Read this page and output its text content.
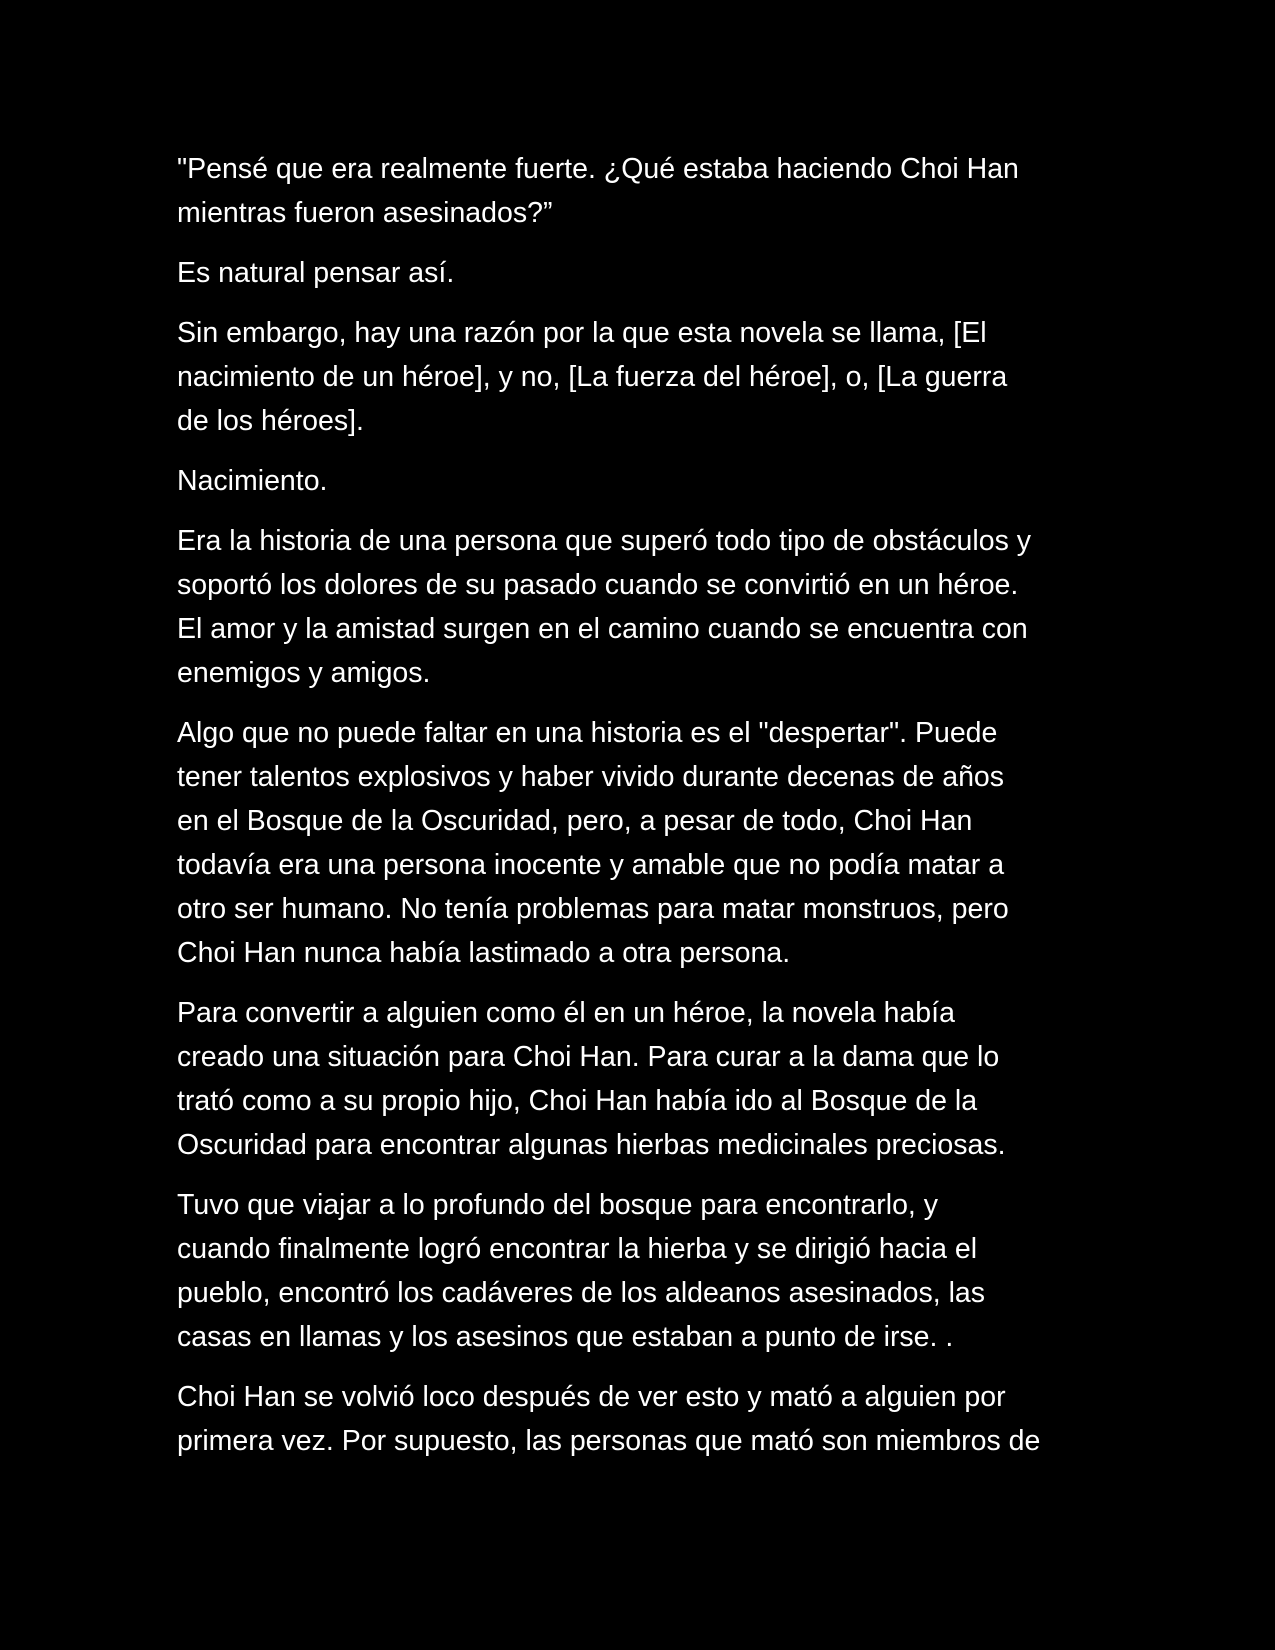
"Pensé que era realmente fuerte. ¿Qué estaba haciendo Choi Han
mientras fueron asesinados?”

Es natural pensar así.

Sin embargo, hay una razón por la que esta novela se llama, [El
nacimiento de un héroe], y no, [La fuerza del héroe], o, [La guerra
de los héroes].

Nacimiento.

Era la historia de una persona que superó todo tipo de obstáculos y
soportó los dolores de su pasado cuando se convirtió en un héroe.
El amor y la amistad surgen en el camino cuando se encuentra con
enemigos y amigos.

Algo que no puede faltar en una historia es el "despertar". Puede
tener talentos explosivos y haber vivido durante decenas de años
en el Bosque de la Oscuridad, pero, a pesar de todo, Choi Han
todavía era una persona inocente y amable que no podía matar a
otro ser humano. No tenía problemas para matar monstruos, pero
Choi Han nunca había lastimado a otra persona.

Para convertir a alguien como él en un héroe, la novela había
creado una situación para Choi Han. Para curar a la dama que lo
trató como a su propio hijo, Choi Han había ido al Bosque de la
Oscuridad para encontrar algunas hierbas medicinales preciosas.

Tuvo que viajar a lo profundo del bosque para encontrarlo, y
cuando finalmente logró encontrar la hierba y se dirigió hacia el
pueblo, encontró los cadáveres de los aldeanos asesinados, las
casas en llamas y los asesinos que estaban a punto de irse. .

Choi Han se volvió loco después de ver esto y mató a alguien por
primera vez. Por supuesto, las personas que mató son miembros de
